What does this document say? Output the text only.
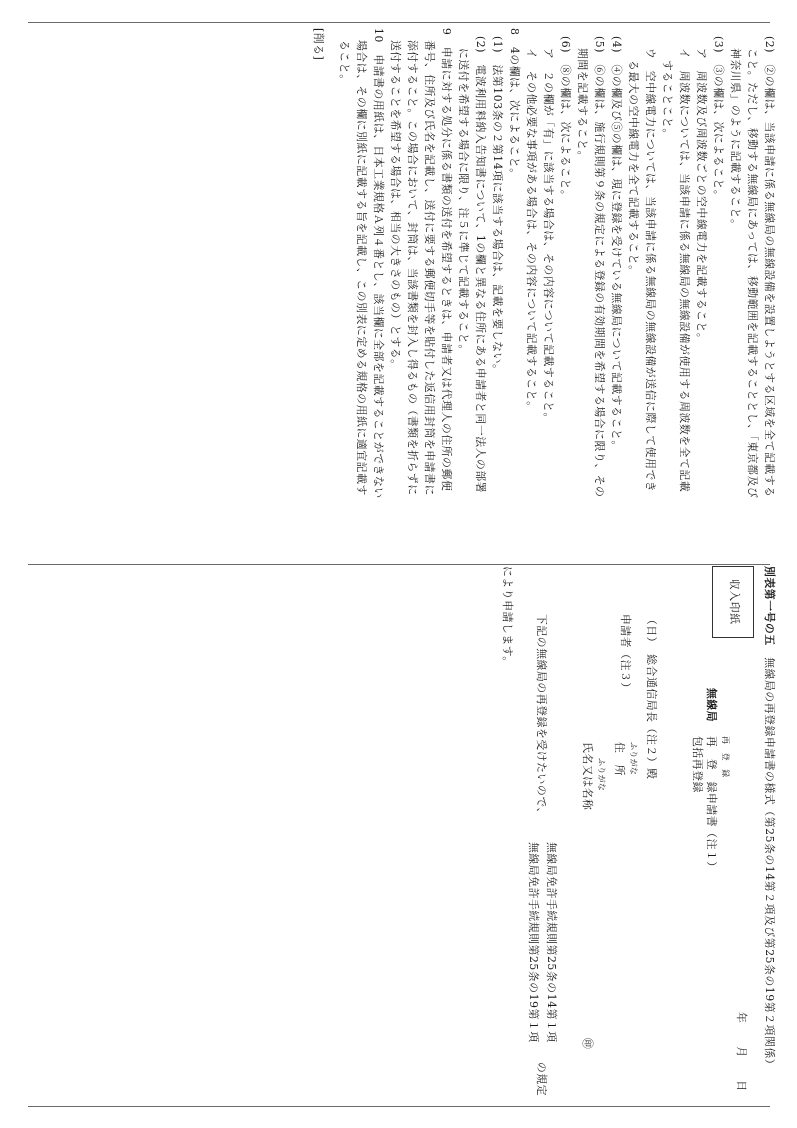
(2)　②の欄は、当該申請に係る無線局の無線設備を設置しようとする区域を全て記載する
こと。ただし、移動する無線局にあっては、移動範囲を記載することとし、「東京都及び
神奈川県」のように記載すること。
(3)　③の欄は、次によること。
ア　周波数及び周波数ごとの空中線電力を記載すること。
イ　周波数については、当該申請に係る無線局の無線設備が使用する周波数を全て記載
することこと。
ウ　空中線電力については、当該申請に係る無線局の無線設備が送信に際して使用でき
る最大の空中線電力を全て記載すること。
(4)　④の欄及び⑤の欄は、現に登録を受けている無線局について記載すること。
(5)　⑥の欄は、施行規則第９条の規定による登録の有効期間を希望する場合に限り、その
期間を記載すること。
(6)　⑧の欄は、次によること。
ア　２の欄が「有」に該当する場合は、その内容について記載すること。
イ　その他必要な事項がある場合は、その内容について記載すること。
8　4の欄は、次によること。
(1)　法第103条の２第14項に該当する場合は、記載を要しない。
(2)　電波利用料納入告知書について、1の欄と異なる住所にある申請者と同一法人の部署
に送付を希望する場合に限り、注５に準じて記載すること。
9　申請に対する処分に係る書類の送付を希望するときは、申請者又は代理人の住所の郵便
番号、住所及び氏名を記載し、送付に要する郵便切手等を貼付した返信用封筒を申請書に
添付すること。この場合において、封筒は、当該書類を封入し得るもの（書類を折らずに
送付することを希望する場合は、相当の大きさのもの）とする。
10　申請書の用紙は、日本工業規格Ａ列４番とし、該当欄に全部を記載することができない
場合は、その欄に別紙に記載する旨を記載し、この別表に定める規格の用紙に適宜記載す
ること。
[削る]
別表第一号の五　無線局の再登録申請書の様式（第25条の14第２項及び第25条の19第２項関係）
年　　月　　日
収入印紙
再　登　録
無線局
再　登　録申請書（注１）
包括再登録
（日）　総合通信局長（注２）殿
申請者（注３）
ふりがな
住　所
ふりがな
氏名又は名称
㊞
下記の無線局の再登録を受けたいので、
無線局免許手続規則第25条の14第１項
無線局免許手続規則第25条の19第１項
の規定
により申請します。
